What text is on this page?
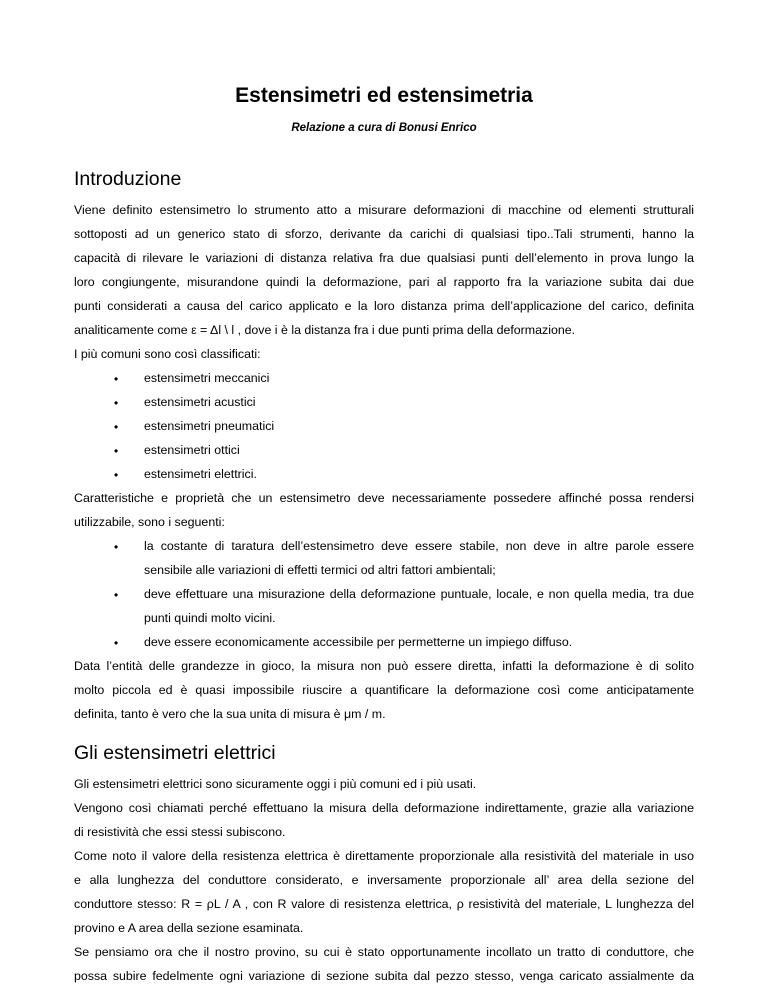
Estensimetri ed estensimetria

Relazione a cura di Bonusi Enrico

Introduzione

Viene definito estensimetro lo strumento atto a misurare deformazioni di macchine od elementi strutturali

sottoposti ad un generico stato di sforzo, derivante da carichi di qualsiasi tipo..Tali strumenti, hanno la

capacità di rilevare le variazioni di distanza relativa fra due qualsiasi punti dell’elemento in prova lungo la

loro congiungente, misurandone quindi la deformazione, pari al rapporto fra la variazione subita dai due

punti considerati a causa del carico applicato e la loro distanza prima dell’applicazione del carico, definita

analiticamente come ε = Δl \ l , dove i è la distanza fra i due punti prima della deformazione.

I più comuni sono così classificati:

• estensimetri meccanici

• estensimetri acustici

• estensimetri pneumatici

• estensimetri ottici

• estensimetri elettrici.

Caratteristiche e proprietà che un estensimetro deve necessariamente possedere affinché possa rendersi

utilizzabile, sono i seguenti:

• la costante di taratura dell’estensimetro deve essere stabile, non deve in altre parole essere

sensibile alle variazioni di effetti termici od altri fattori ambientali;

• deve effettuare una misurazione della deformazione puntuale, locale, e non quella media, tra due

punti quindi molto vicini.

• deve essere economicamente accessibile per permetterne un impiego diffuso.

Data l’entità delle grandezze in gioco, la misura non può essere diretta, infatti la deformazione è di solito

molto piccola ed è quasi impossibile riuscire a quantificare la deformazione così come anticipatamente

definita, tanto è vero che la sua unita di misura è μm / m.

Gli estensimetri elettrici

Gli estensimetri elettrici sono sicuramente oggi i più comuni ed i più usati.

Vengono così chiamati perché effettuano la misura della deformazione indirettamente, grazie alla variazione

di resistività che essi stessi subiscono.

Come noto il valore della resistenza elettrica è direttamente proporzionale alla resistività del materiale in uso

e alla lunghezza del conduttore considerato, e inversamente proporzionale all’ area della sezione del

conduttore stesso: R = ρL / A , con R valore di resistenza elettrica, ρ resistività del materiale, L lunghezza del

provino e A area della sezione esaminata.

Se pensiamo ora che il nostro provino, su cui è stato opportunamente incollato un tratto di conduttore, che

possa subire fedelmente ogni variazione di sezione subita dal pezzo stesso, venga caricato assialmente da
